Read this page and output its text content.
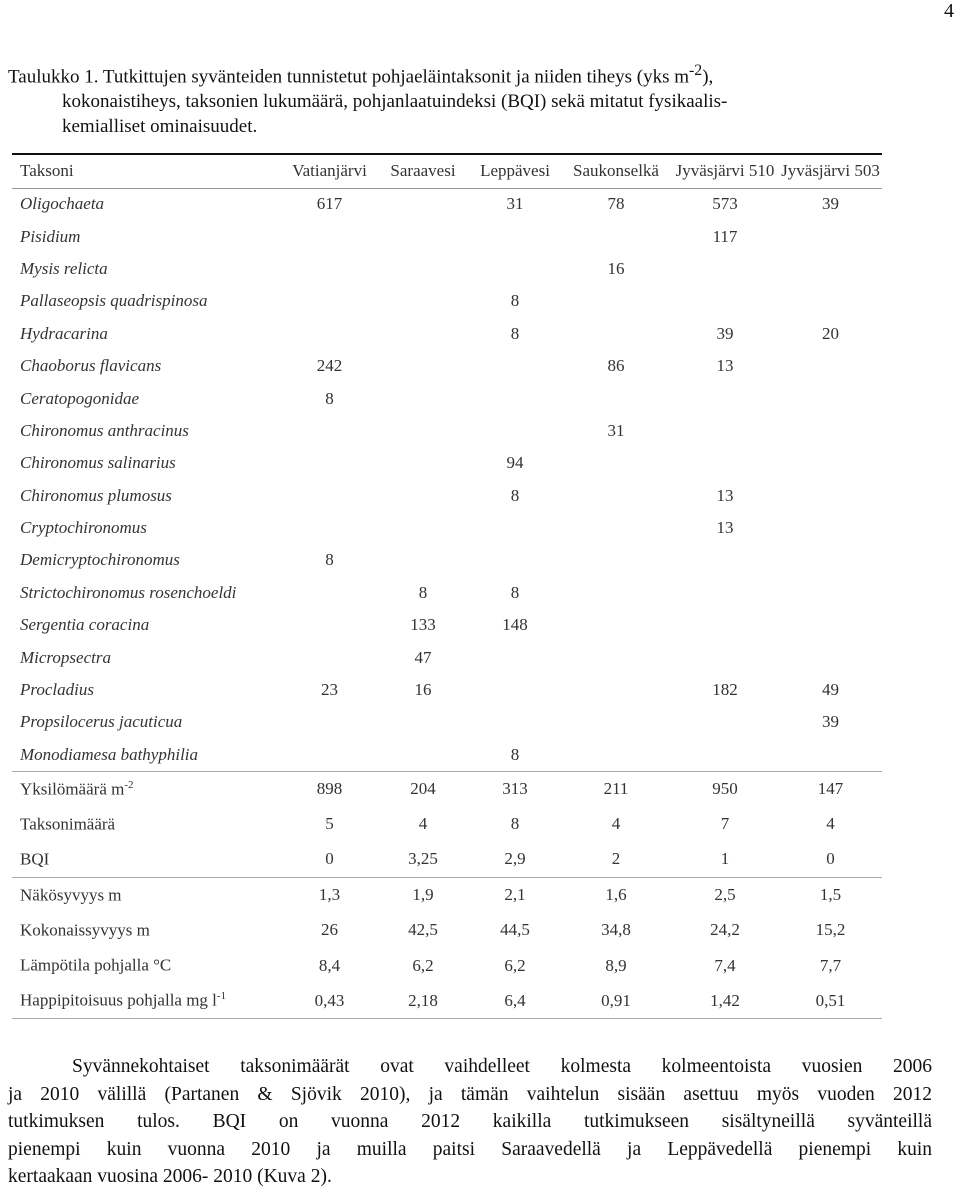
4

Taulukko 1. Tutkittujen syvänteiden tunnistetut pohjaeläintaksonit ja niiden tiheys (yks $m^{-2}$),
kokonaistiheys, taksonien lukumäärä, pohjanlaatuindeksi (BQI) sekä mitatut fysikaalis-
kemialliset ominaisuudet.

Taksoni	Vatianjärvi	Saraavesi	Leppävesi	Saukonselkä	Jyväsjärvi 510	Jyväsjärvi 503
Oligochaeta	617		31	78	573	39
Pisidium					117	
Mysis relicta				16		
Pallaseopsis quadrispinosa			8			
Hydracarina			8		39	20
Chaoborus flavicans	242			86	13	
Ceratopogonidae	8					
Chironomus anthracinus				31		
Chironomus salinarius			94			
Chironomus plumosus			8		13	
Cryptochironomus					13	
Demicryptochironomus	8					
Strictochironomus rosenchoeldi		8	8			
Sergentia coracina		133	148			
Micropsectra		47				
Procladius	23	16			182	49
Propsilocerus jacuticua						39
Monodiamesa bathyphilia			8			
Yksilömäärä $m^{-2}$	898	204	313	211	950	147
Taksonimäärä	5	4	8	4	7	4
BQI	0	3,25	2,9	2	1	0
Näkösyvyys m	1,3	1,9	2,1	1,6	2,5	1,5
Kokonaissyvyys m	26	42,5	44,5	34,8	24,2	15,2
Lämpötila pohjalla °C	8,4	6,2	6,2	8,9	7,4	7,7
Happipitoisuus pohjalla mg $l^{-1}$	0,43	2,18	6,4	0,91	1,42	0,51

Syvännekohtaiset taksonimäärät ovat vaihdelleet kolmesta kolmeentoista vuosien 2006
ja 2010 välillä (Partanen & Sjövik 2010), ja tämän vaihtelun sisään asettuu myös vuoden 2012
tutkimuksen tulos. BQI on vuonna 2012 kaikilla tutkimukseen sisältyneillä syvänteillä
pienempi kuin vuonna 2010 ja muilla paitsi Saraavedellä ja Leppävedellä pienempi kuin
kertaakaan vuosina 2006- 2010 (Kuva 2).
